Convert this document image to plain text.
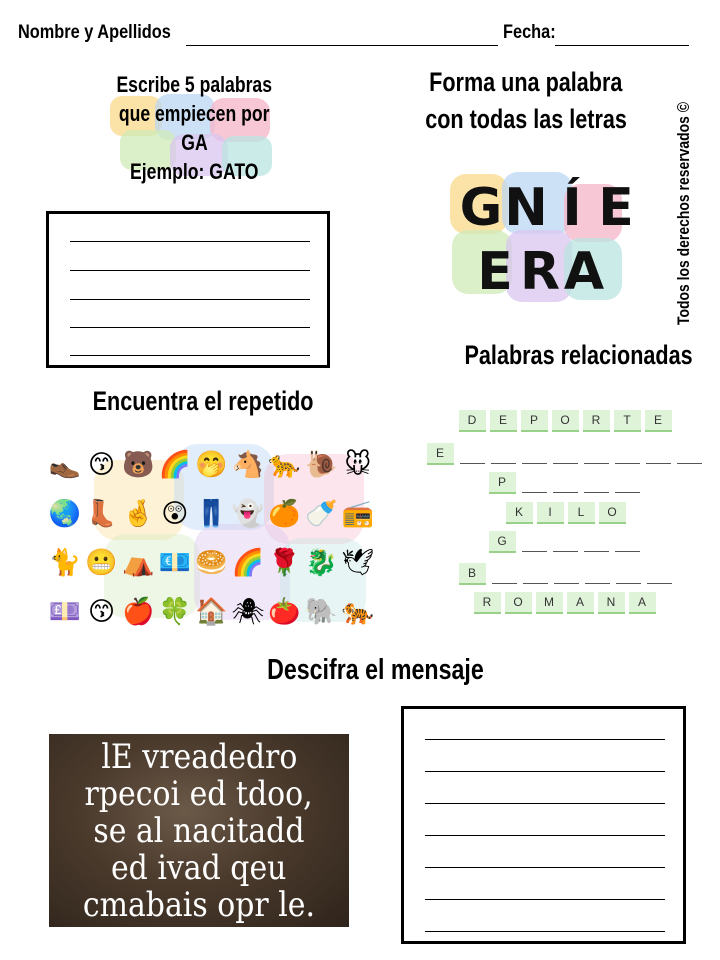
Nombre y Apellidos	Fecha:
Todos los derechos reservados ©
Escribe 5 palabras
que empiecen por
GA
Ejemplo: GATO
Forma una palabra
con todas las letras
G N Í E
E R A
Palabras relacionadas
D	E	P	O	R	T	E
E
P
K	I	L	O
G
B
R	O	M	A	N	A
Encuentra el repetido
👞 😙 🐻 🌈 🤭 🐴 🐆 🐌 🐭
🌏 👢 🤞 😲 👖 👻 🍊 🍼 📻
🐈 😬 ⛺ 💶 🥯 🌈 🌹 🐉 🕊
💷 😙 🍎 🍀 🏠 🕷 🍅 🐘 🐅
Descifra el mensaje
lE vreadedro
rpecoi ed tdoo,
se al nacitadd
ed ivad qeu
cmabais opr le.
